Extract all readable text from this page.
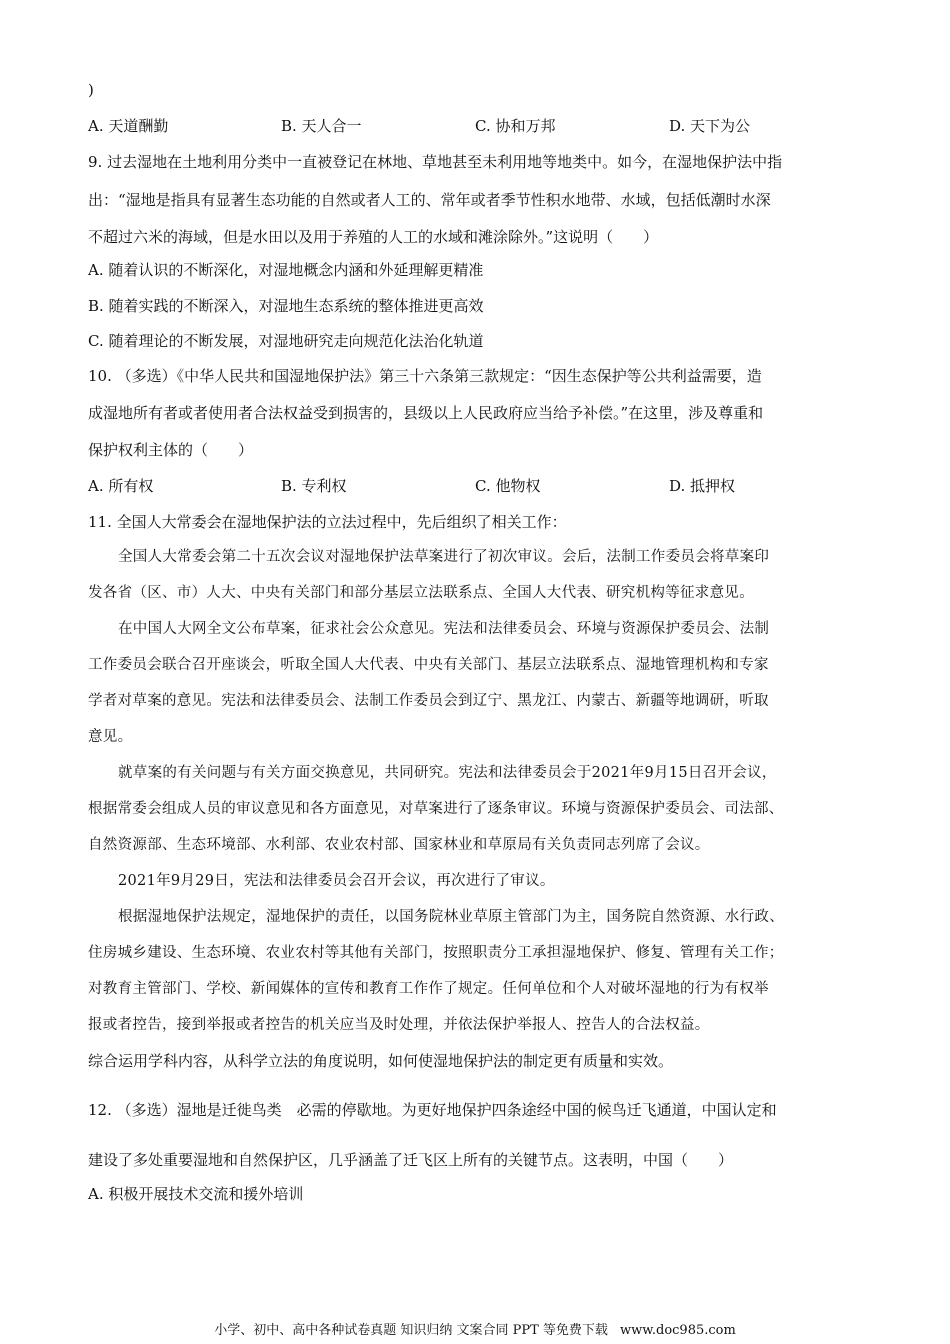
)
A. 天道酬勤	B. 天人合一	C. 协和万邦	D. 天下为公
9. 过去湿地在土地利用分类中一直被登记在林地、草地甚至未利用地等地类中。如今，在湿地保护法中指
出：“湿地是指具有显著生态功能的自然或者人工的、常年或者季节性积水地带、水域，包括低潮时水深
不超过六米的海域，但是水田以及用于养殖的人工的水域和滩涂除外。”这说明（　　）
A. 随着认识的不断深化，对湿地概念内涵和外延理解更精准
B. 随着实践的不断深入，对湿地生态系统的整体推进更高效
C. 随着理论的不断发展，对湿地研究走向规范化法治化轨道
10. （多选）《中华人民共和国湿地保护法》第三十六条第三款规定：“因生态保护等公共利益需要，造
成湿地所有者或者使用者合法权益受到损害的，县级以上人民政府应当给予补偿。”在这里，涉及尊重和
保护权利主体的（　　）
A. 所有权	B. 专利权	C. 他物权	D. 抵押权
11. 全国人大常委会在湿地保护法的立法过程中，先后组织了相关工作：
全国人大常委会第二十五次会议对湿地保护法草案进行了初次审议。会后，法制工作委员会将草案印
发各省（区、市）人大、中央有关部门和部分基层立法联系点、全国人大代表、研究机构等征求意见。
在中国人大网全文公布草案，征求社会公众意见。宪法和法律委员会、环境与资源保护委员会、法制
工作委员会联合召开座谈会，听取全国人大代表、中央有关部门、基层立法联系点、湿地管理机构和专家
学者对草案的意见。宪法和法律委员会、法制工作委员会到辽宁、黑龙江、内蒙古、新疆等地调研，听取
意见。
就草案的有关问题与有关方面交换意见，共同研究。宪法和法律委员会于2021年9月15日召开会议，
根据常委会组成人员的审议意见和各方面意见，对草案进行了逐条审议。环境与资源保护委员会、司法部、
自然资源部、生态环境部、水利部、农业农村部、国家林业和草原局有关负责同志列席了会议。
2021年9月29日，宪法和法律委员会召开会议，再次进行了审议。
根据湿地保护法规定，湿地保护的责任，以国务院林业草原主管部门为主，国务院自然资源、水行政、
住房城乡建设、生态环境、农业农村等其他有关部门，按照职责分工承担湿地保护、修复、管理有关工作；
对教育主管部门、学校、新闻媒体的宣传和教育工作作了规定。任何单位和个人对破坏湿地的行为有权举
报或者控告，接到举报或者控告的机关应当及时处理，并依法保护举报人、控告人的合法权益。
综合运用学科内容，从科学立法的角度说明，如何使湿地保护法的制定更有质量和实效。
12. （多选）湿地是迁徙鸟类　必需的停歇地。为更好地保护四条途经中国的候鸟迁飞通道，中国认定和
建设了多处重要湿地和自然保护区，几乎涵盖了迁飞区上所有的关键节点。这表明，中国（　　）
A. 积极开展技术交流和援外培训
小学、初中、高中各种试卷真题 知识归纳 文案合同 PPT 等免费下载 www.doc985.com
